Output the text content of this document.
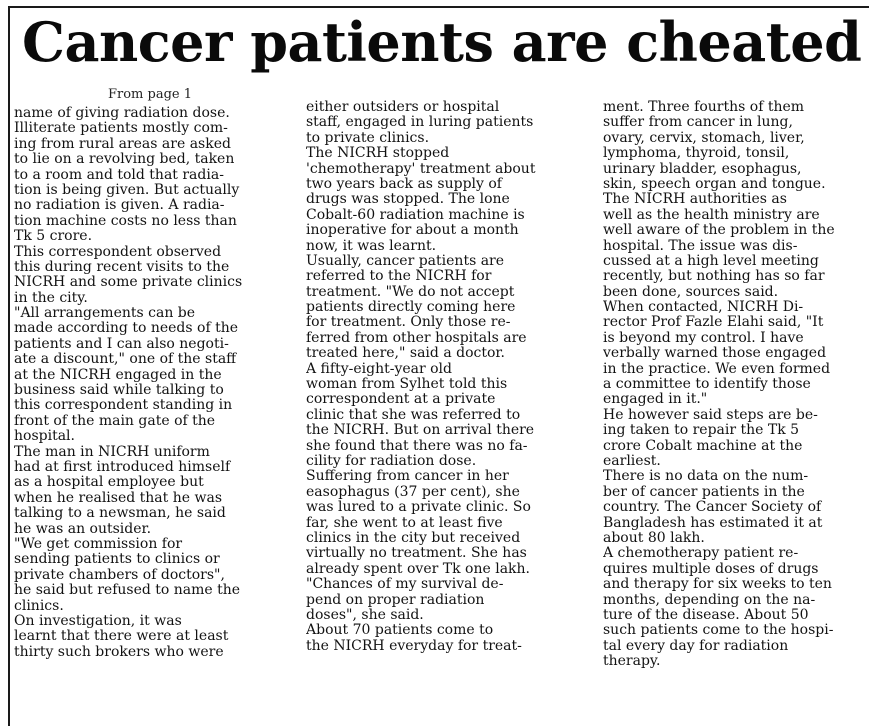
Cancer patients are cheated
From page 1
name of giving radiation dose.
Illiterate patients mostly com-
ing from rural areas are asked
to lie on a revolving bed, taken
to a room and told that radia-
tion is being given. But actually
no radiation is given. A radia-
tion machine costs no less than
Tk 5 crore.
This correspondent observed
this during recent visits to the
NICRH and some private clinics
in the city.
"All arrangements can be
made according to needs of the
patients and I can also negoti-
ate a discount," one of the staff
at the NICRH engaged in the
business said while talking to
this correspondent standing in
front of the main gate of the
hospital.
The man in NICRH uniform
had at first introduced himself
as a hospital employee but
when he realised that he was
talking to a newsman, he said
he was an outsider.
"We get commission for
sending patients to clinics or
private chambers of doctors",
he said but refused to name the
clinics.
On investigation, it was
learnt that there were at least
thirty such brokers who were
either outsiders or hospital
staff, engaged in luring patients
to private clinics.
The NICRH stopped
'chemotherapy' treatment about
two years back as supply of
drugs was stopped. The lone
Cobalt-60 radiation machine is
inoperative for about a month
now, it was learnt.
Usually, cancer patients are
referred to the NICRH for
treatment. "We do not accept
patients directly coming here
for treatment. Only those re-
ferred from other hospitals are
treated here," said a doctor.
A fifty-eight-year old
woman from Sylhet told this
correspondent at a private
clinic that she was referred to
the NICRH. But on arrival there
she found that there was no fa-
cility for radiation dose.
Suffering from cancer in her
easophagus (37 per cent), she
was lured to a private clinic. So
far, she went to at least five
clinics in the city but received
virtually no treatment. She has
already spent over Tk one lakh.
"Chances of my survival de-
pend on proper radiation
doses", she said.
About 70 patients come to
the NICRH everyday for treat-
ment. Three fourths of them
suffer from cancer in lung,
ovary, cervix, stomach, liver,
lymphoma, thyroid, tonsil,
urinary bladder, esophagus,
skin, speech organ and tongue.
The NICRH authorities as
well as the health ministry are
well aware of the problem in the
hospital. The issue was dis-
cussed at a high level meeting
recently, but nothing has so far
been done, sources said.
When contacted, NICRH Di-
rector Prof Fazle Elahi said, "It
is beyond my control. I have
verbally warned those engaged
in the practice. We even formed
a committee to identify those
engaged in it."
He however said steps are be-
ing taken to repair the Tk 5
crore Cobalt machine at the
earliest.
There is no data on the num-
ber of cancer patients in the
country. The Cancer Society of
Bangladesh has estimated it at
about 80 lakh.
A chemotherapy patient re-
quires multiple doses of drugs
and therapy for six weeks to ten
months, depending on the na-
ture of the disease. About 50
such patients come to the hospi-
tal every day for radiation
therapy.
